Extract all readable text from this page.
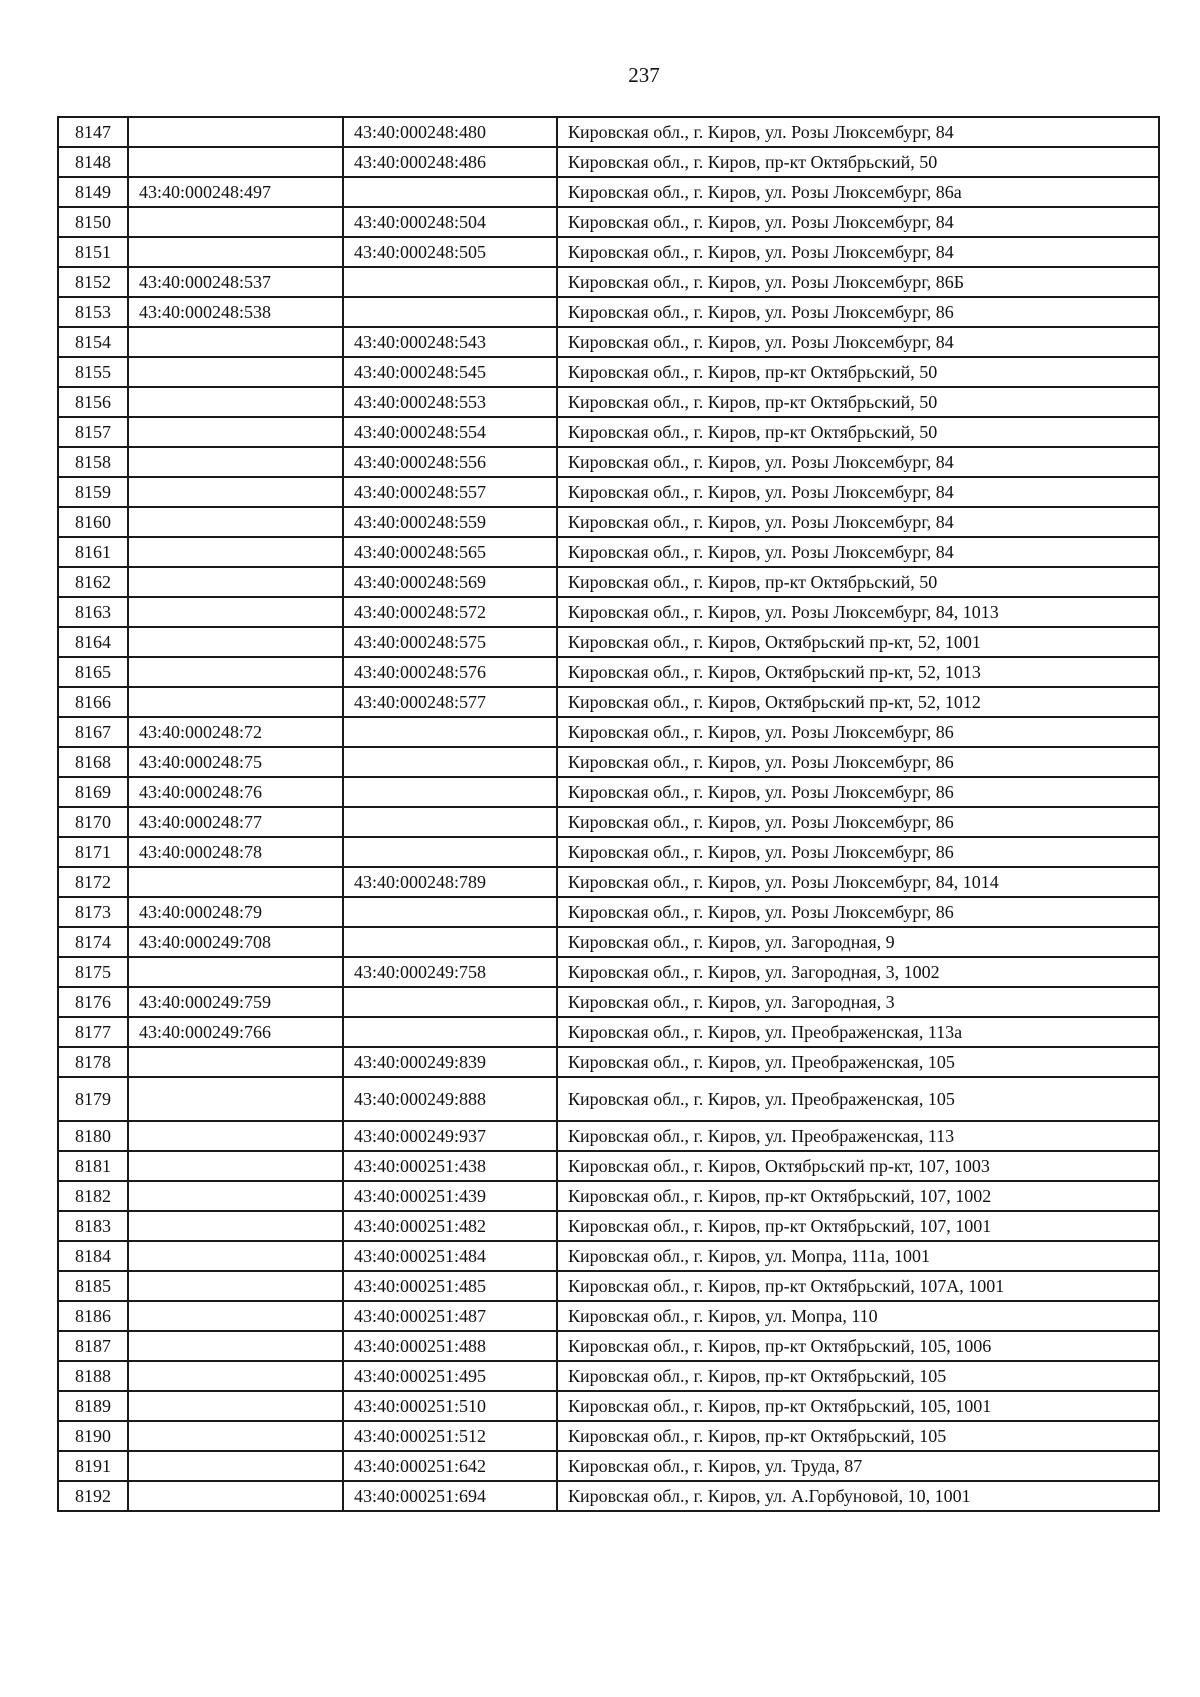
237
8147		43:40:000248:480	Кировская обл., г. Киров, ул. Розы Люксембург, 84
8148		43:40:000248:486	Кировская обл., г. Киров, пр-кт Октябрьский, 50
8149	43:40:000248:497		Кировская обл., г. Киров, ул. Розы Люксембург, 86а
8150		43:40:000248:504	Кировская обл., г. Киров, ул. Розы Люксембург, 84
8151		43:40:000248:505	Кировская обл., г. Киров, ул. Розы Люксембург, 84
8152	43:40:000248:537		Кировская обл., г. Киров, ул. Розы Люксембург, 86Б
8153	43:40:000248:538		Кировская обл., г. Киров, ул. Розы Люксембург, 86
8154		43:40:000248:543	Кировская обл., г. Киров, ул. Розы Люксембург, 84
8155		43:40:000248:545	Кировская обл., г. Киров, пр-кт Октябрьский, 50
8156		43:40:000248:553	Кировская обл., г. Киров, пр-кт Октябрьский, 50
8157		43:40:000248:554	Кировская обл., г. Киров, пр-кт Октябрьский, 50
8158		43:40:000248:556	Кировская обл., г. Киров, ул. Розы Люксембург, 84
8159		43:40:000248:557	Кировская обл., г. Киров, ул. Розы Люксембург, 84
8160		43:40:000248:559	Кировская обл., г. Киров, ул. Розы Люксембург, 84
8161		43:40:000248:565	Кировская обл., г. Киров, ул. Розы Люксембург, 84
8162		43:40:000248:569	Кировская обл., г. Киров, пр-кт Октябрьский, 50
8163		43:40:000248:572	Кировская обл., г. Киров, ул. Розы Люксембург, 84, 1013
8164		43:40:000248:575	Кировская обл., г. Киров, Октябрьский пр-кт, 52, 1001
8165		43:40:000248:576	Кировская обл., г. Киров, Октябрьский пр-кт, 52, 1013
8166		43:40:000248:577	Кировская обл., г. Киров, Октябрьский пр-кт, 52, 1012
8167	43:40:000248:72		Кировская обл., г. Киров, ул. Розы Люксембург, 86
8168	43:40:000248:75		Кировская обл., г. Киров, ул. Розы Люксембург, 86
8169	43:40:000248:76		Кировская обл., г. Киров, ул. Розы Люксембург, 86
8170	43:40:000248:77		Кировская обл., г. Киров, ул. Розы Люксембург, 86
8171	43:40:000248:78		Кировская обл., г. Киров, ул. Розы Люксембург, 86
8172		43:40:000248:789	Кировская обл., г. Киров, ул. Розы Люксембург, 84, 1014
8173	43:40:000248:79		Кировская обл., г. Киров, ул. Розы Люксембург, 86
8174	43:40:000249:708		Кировская обл., г. Киров, ул. Загородная, 9
8175		43:40:000249:758	Кировская обл., г. Киров, ул. Загородная, 3, 1002
8176	43:40:000249:759		Кировская обл., г. Киров, ул. Загородная, 3
8177	43:40:000249:766		Кировская обл., г. Киров, ул. Преображенская, 113а
8178		43:40:000249:839	Кировская обл., г. Киров, ул. Преображенская, 105
8179		43:40:000249:888	Кировская обл., г. Киров, ул. Преображенская, 105
8180		43:40:000249:937	Кировская обл., г. Киров, ул. Преображенская, 113
8181		43:40:000251:438	Кировская обл., г. Киров, Октябрьский пр-кт, 107, 1003
8182		43:40:000251:439	Кировская обл., г. Киров, пр-кт Октябрьский, 107, 1002
8183		43:40:000251:482	Кировская обл., г. Киров, пр-кт Октябрьский, 107, 1001
8184		43:40:000251:484	Кировская обл., г. Киров, ул. Мопра, 111а, 1001
8185		43:40:000251:485	Кировская обл., г. Киров, пр-кт Октябрьский, 107А, 1001
8186		43:40:000251:487	Кировская обл., г. Киров, ул. Мопра, 110
8187		43:40:000251:488	Кировская обл., г. Киров, пр-кт Октябрьский, 105, 1006
8188		43:40:000251:495	Кировская обл., г. Киров, пр-кт Октябрьский, 105
8189		43:40:000251:510	Кировская обл., г. Киров, пр-кт Октябрьский, 105, 1001
8190		43:40:000251:512	Кировская обл., г. Киров, пр-кт Октябрьский, 105
8191		43:40:000251:642	Кировская обл., г. Киров, ул. Труда, 87
8192		43:40:000251:694	Кировская обл., г. Киров, ул. А.Горбуновой, 10, 1001
